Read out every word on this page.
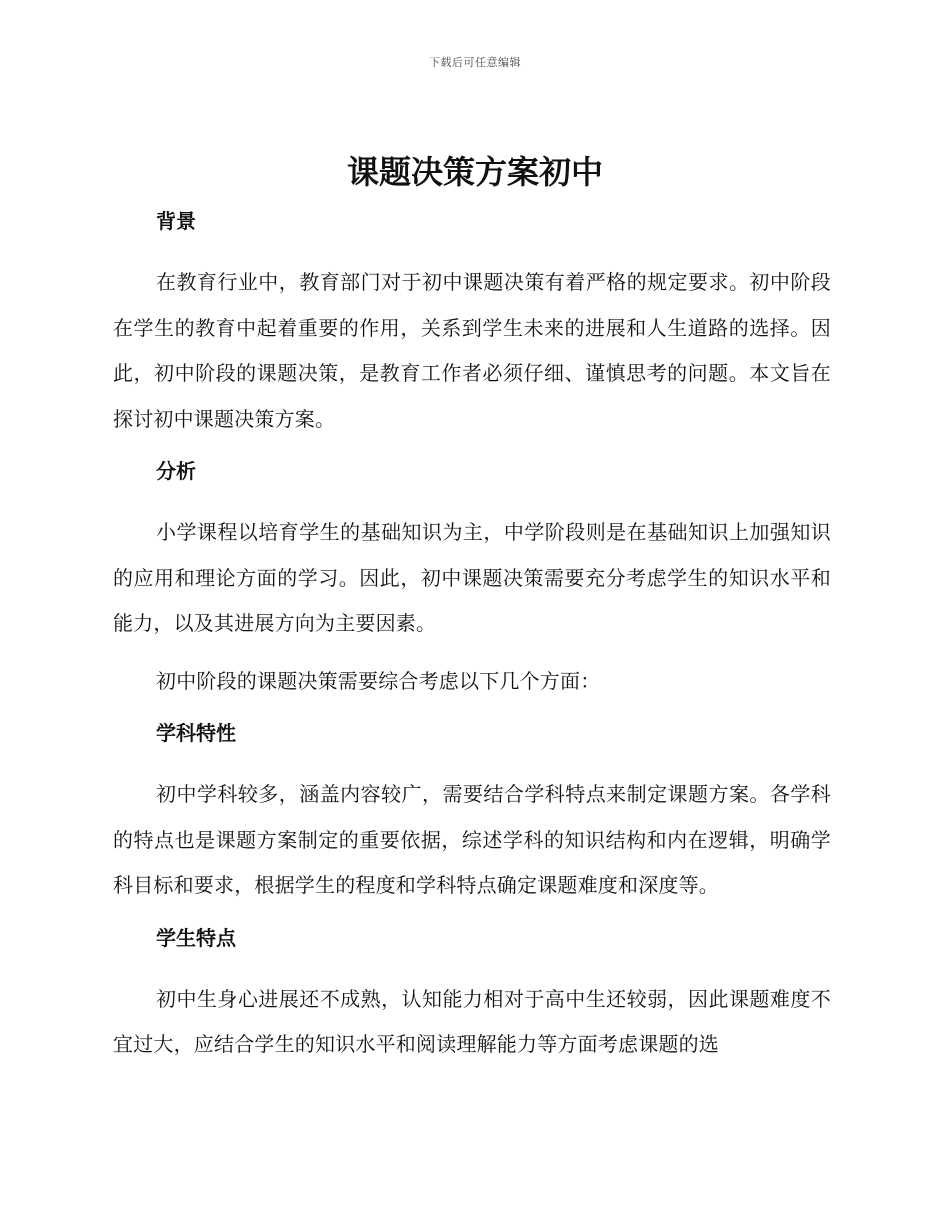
下载后可任意编辑
课题决策方案初中
背景

在教育行业中，教育部门对于初中课题决策有着严格的规定要求。初中阶段在学生的教育中起着重要的作用，关系到学生未来的进展和人生道路的选择。因此，初中阶段的课题决策，是教育工作者必须仔细、谨慎思考的问题。本文旨在探讨初中课题决策方案。

分析

小学课程以培育学生的基础知识为主，中学阶段则是在基础知识上加强知识的应用和理论方面的学习。因此，初中课题决策需要充分考虑学生的知识水平和能力，以及其进展方向为主要因素。

初中阶段的课题决策需要综合考虑以下几个方面：

学科特性

初中学科较多，涵盖内容较广，需要结合学科特点来制定课题方案。各学科的特点也是课题方案制定的重要依据，综述学科的知识结构和内在逻辑，明确学科目标和要求，根据学生的程度和学科特点确定课题难度和深度等。

学生特点

初中生身心进展还不成熟，认知能力相对于高中生还较弱，因此课题难度不宜过大，应结合学生的知识水平和阅读理解能力等方面考虑课题的选
